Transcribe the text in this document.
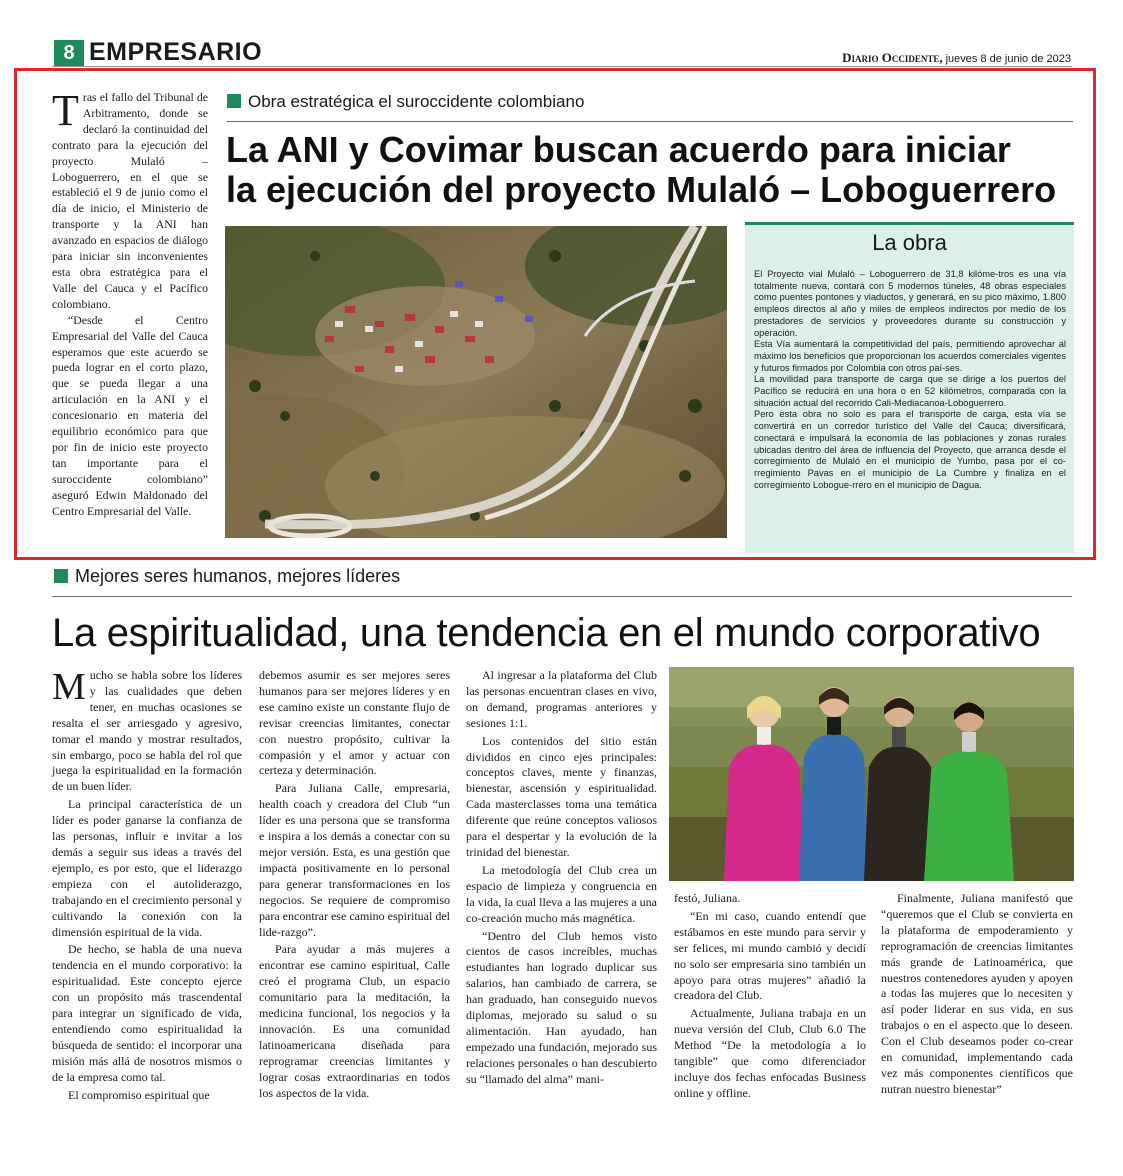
8 EMPRESARIO	Diario Occidente, jueves 8 de junio de 2023

Tras el fallo del Tribunal de Arbitramento, donde se declaró la continuidad del contrato para la ejecución del proyecto Mulaló – Loboguerrero, en el que se estableció el 9 de junio como el día de inicio, el Ministerio de transporte y la ANI han avanzado en espacios de diálogo para iniciar sin inconvenientes esta obra estratégica para el Valle del Cauca y el Pacífico colombiano.

“Desde el Centro Empresarial del Valle del Cauca esperamos que este acuerdo se pueda lograr en el corto plazo, que se pueda llegar a una articulación en la ANI y el concesionario en materia del equilibrio económico para que por fin de inicio este proyecto tan importante para el suroccidente colombiano” aseguró Edwin Maldonado del Centro Empresarial del Valle.

Obra estratégica el suroccidente colombiano
La ANI y Covimar buscan acuerdo para iniciar
la ejecución del proyecto Mulaló – Loboguerrero
La obra

El Proyecto vial Mulaló – Loboguerrero de 31,8 kilóme-tros es una vía totalmente nueva, contará con 5 modernos túneles, 48 obras especiales como puentes pontones y viaductos, y generará, en su pico máximo, 1.800 empleos directos al año y miles de empleos indirectos por medio de los prestadores de servicios y proveedores durante su construcción y operación.

Esta Vía aumentará la competitividad del país, permitiendo aprovechar al máximo los beneficios que proporcionan los acuerdos comerciales vigentes y futuros firmados por Colombia con otros paí-ses.

La movilidad para transporte de carga que se dirige a los puertos del Pacífico se reducirá en una hora o en 52 kilómetros, comparada con la situación actual del recorrido Cali-Mediacanoa-Loboguerrero.

Pero esta obra no solo es para el transporte de carga, esta vía se convertirá en un corredor turístico del Valle del Cauca; diversificará, conectará e impulsará la economía de las poblaciones y zonas rurales ubicadas dentro del área de influencia del Proyecto, que arranca desde el corregimiento de Mulaló en el municipio de Yumbo, pasa por el co-rregimiento Pavas en el municipio de La Cumbre y finaliza en el corregimiento Lobogue-rrero en el municipio de Dagua.

Mejores seres humanos, mejores líderes
La espiritualidad, una tendencia en el mundo corporativo

Mucho se habla sobre los líderes y las cualidades que deben tener, en muchas ocasiones se resalta el ser arriesgado y agresivo, tomar el mando y mostrar resultados, sin embargo, poco se habla del rol que juega la espiritualidad en la formación de un buen líder.

La principal característica de un líder es poder ganarse la confianza de las personas, influir e invitar a los demás a seguir sus ideas a través del ejemplo, es por esto, que el liderazgo empieza con el autoliderazgo, trabajando en el crecimiento personal y cultivando la conexión con la dimensión espiritual de la vida.

De hecho, se habla de una nueva tendencia en el mundo corporativo: la espiritualidad. Este concepto ejerce con un propósito más trascendental para integrar un significado de vida, entendiendo como espiritualidad la búsqueda de sentido: el incorporar una misión más allá de nosotros mismos o de la empresa como tal.

El compromiso espiritual que

debemos asumir es ser mejores seres humanos para ser mejores líderes y en ese camino existe un constante flujo de revisar creencias limitantes, conectar con nuestro propósito, cultivar la compasión y el amor y actuar con certeza y determinación.

Para Juliana Calle, empresaria, health coach y creadora del Club “un líder es una persona que se transforma e inspira a los demás a conectar con su mejor versión. Esta, es una gestión que impacta positivamente en lo personal para generar transformaciones en los negocios. Se requiere de compromiso para encontrar ese camino espiritual del lide-razgo”.

Para ayudar a más mujeres a encontrar ese camino espiritual, Calle creó el programa Club, un espacio comunitario para la meditación, la medicina funcional, los negocios y la innovación. Es una comunidad latinoamericana diseñada para reprogramar creencias limitantes y lograr cosas extraordinarias en todos los aspectos de la vida.

Al ingresar a la plataforma del Club las personas encuentran clases en vivo, on demand, programas anteriores y sesiones 1:1.

Los contenidos del sitio están divididos en cinco ejes principales: conceptos claves, mente y finanzas, bienestar, ascensión y espiritualidad. Cada masterclasses toma una temática diferente que reúne conceptos valiosos para el despertar y la evolución de la trinidad del bienestar.

La metodología del Club crea un espacio de limpieza y congruencia en la vida, la cual lleva a las mujeres a una co-creación mucho más magnética.

“Dentro del Club hemos visto cientos de casos increíbles, muchas estudiantes han logrado duplicar sus salarios, han cambiado de carrera, se han graduado, han conseguido nuevos diplomas, mejorado su salud o su alimentación. Han ayudado, han empezado una fundación, mejorado sus relaciones personales o han descubierto su “llamado del alma” mani-

festó, Juliana.

“En mi caso, cuando entendí que estábamos en este mundo para servir y ser felices, mi mundo cambió y decidí no solo ser empresaria sino también un apoyo para otras mujeres” añadió la creadora del Club.

Actualmente, Juliana trabaja en un nueva versión del Club, Club 6.0 The Method “De la metodología a lo tangible” que como diferenciador incluye dos fechas enfocadas Business online y offline.

Finalmente, Juliana manifestó que “queremos que el Club se convierta en la plataforma de empoderamiento y reprogramación de creencias limitantes más grande de Latinoamérica, que nuestros contenedores ayuden y apoyen a todas las mujeres que lo necesiten y así poder liderar en sus vida, en sus trabajos o en el aspecto que lo deseen. Con el Club deseamos poder co-crear en comunidad, implementando cada vez más componentes científicos que nutran nuestro bienestar”
